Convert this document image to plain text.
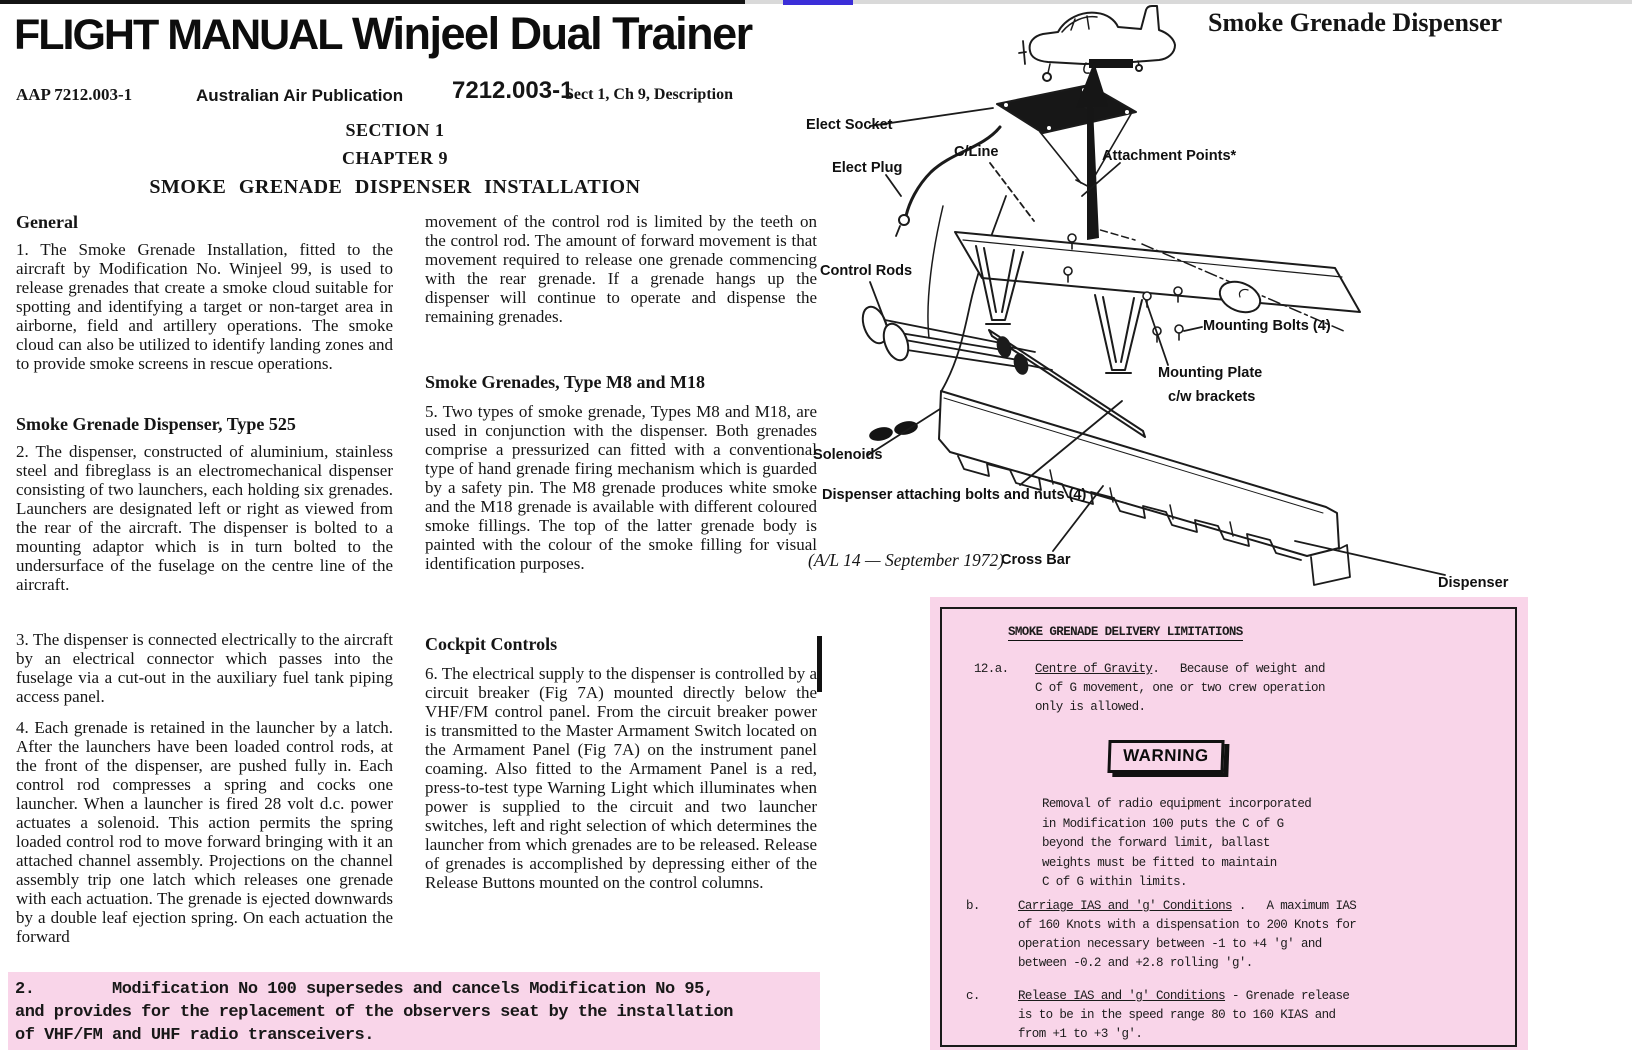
FLIGHT MANUAL Winjeel Dual Trainer
AAP 7212.003-1	Australian Air Publication 7212.003-1
Sect 1, Ch 9, Description
SECTION 1
CHAPTER 9
SMOKE GRENADE DISPENSER INSTALLATION
General
1. The Smoke Grenade Installation, fitted to the aircraft by Modification No. Winjeel 99, is used to release grenades that create a smoke cloud suitable for spotting and identifying a target or non-target area in airborne, field and artillery operations. The smoke cloud can also be utilized to identify landing zones and to provide smoke screens in rescue operations.
Smoke Grenade Dispenser, Type 525
2. The dispenser, constructed of aluminium, stainless steel and fibreglass is an electromechanical dispenser consisting of two launchers, each holding six grenades. Launchers are designated left or right as viewed from the rear of the aircraft. The dispenser is bolted to a mounting adaptor which is in turn bolted to the undersurface of the fuselage on the centre line of the aircraft.
3. The dispenser is connected electrically to the aircraft by an electrical connector which passes into the fuselage via a cut-out in the auxiliary fuel tank piping access panel.
4. Each grenade is retained in the launcher by a latch. After the launchers have been loaded control rods, at the front of the dispenser, are pushed fully in. Each control rod compresses a spring and cocks one launcher. When a launcher is fired 28 volt d.c. power actuates a solenoid. This action permits the spring loaded control rod to move forward bringing with it an attached channel assembly. Projections on the channel assembly trip one latch which releases one grenade with each actuation. The grenade is ejected downwards by a double leaf ejection spring. On each actuation the forward
movement of the control rod is limited by the teeth on the control rod. The amount of forward movement is that movement required to release one grenade commencing with the rear grenade. If a grenade hangs up the dispenser will continue to operate and dispense the remaining grenades.
Smoke Grenades, Type M8 and M18
5. Two types of smoke grenade, Types M8 and M18, are used in conjunction with the dispenser. Both grenades comprise a pressurized can fitted with a conventional type of hand grenade firing mechanism which is guarded by a safety pin. The M8 grenade produces white smoke and the M18 grenade is available with different coloured smoke fillings. The top of the latter grenade body is painted with the colour of the smoke filling for visual identification purposes.
Cockpit Controls
6. The electrical supply to the dispenser is controlled by a circuit breaker (Fig 7A) mounted directly below the VHF/FM control panel. From the circuit breaker power is transmitted to the Master Armament Switch located on the Armament Panel (Fig 7A) on the instrument panel coaming. Also fitted to the Armament Panel is a red, press-to-test type Warning Light which illuminates when power is supplied to the circuit and two launcher switches, left and right selection of which determines the launcher from which grenades are to be released. Release of grenades is accomplished by depressing either of the Release Buttons mounted on the control columns.
2.        Modification No 100 supersedes and cancels Modification No 95,
and provides for the replacement of the observers seat by the installation
of VHF/FM and UHF radio transceivers.
Smoke Grenade Dispenser
Elect Socket
Elect Plug
C/Line	Attachment Points*
Control Rods
Mounting Bolts (4)
Mounting Plate
c/w brackets
Solenoids
Dispenser attaching bolts and nuts (4)
Cross Bar
Dispenser
(A/L 14 — September 1972)
SMOKE GRENADE DELIVERY LIMITATIONS
12.a. Centre of Gravity.   Because of weight and
C of G movement, one or two crew operation
only is allowed.
WARNING
Removal of radio equipment incorporated
in Modification 100 puts the C of G
beyond the forward limit, ballast
weights must be fitted to maintain
C of G within limits.
b.	Carriage IAS and 'g' Conditions .   A maximum IAS
of 160 Knots with a dispensation to 200 Knots for
operation necessary between -1 to +4 'g' and
between -0.2 and +2.8 rolling 'g'.
c.	Release IAS and 'g' Conditions - Grenade release
is to be in the speed range 80 to 160 KIAS and
from +1 to +3 'g'.
